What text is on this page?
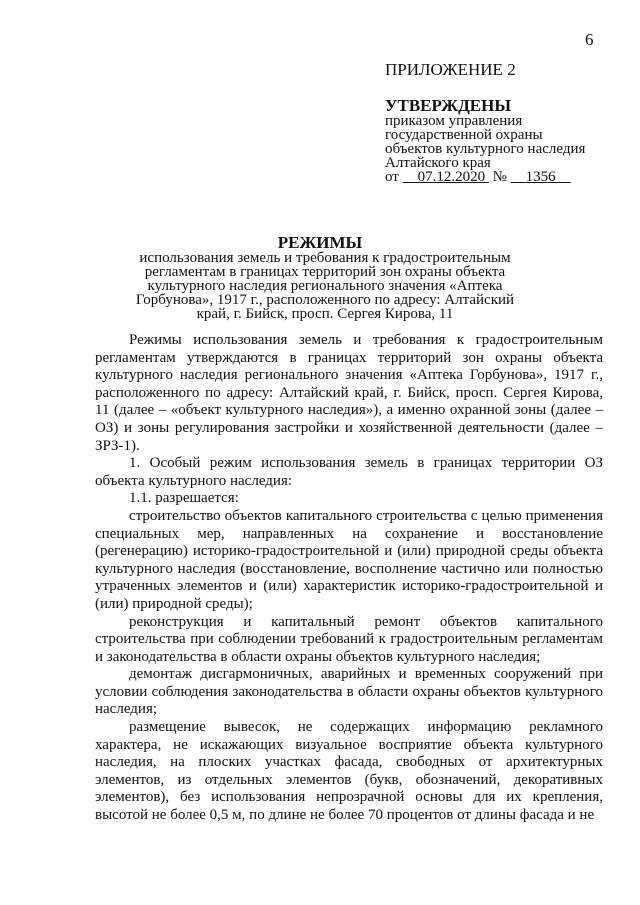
6
ПРИЛОЖЕНИЕ 2
УТВЕРЖДЕНЫ
приказом управления
государственной охраны
объектов культурного наследия
Алтайского края
от 07.12.2020 № 1356
РЕЖИМЫ
использования земель и требования к градостроительным регламентам в границах территорий зон охраны объекта культурного наследия регионального значения «Аптека Горбунова», 1917 г., расположенного по адресу: Алтайский край, г. Бийск, просп. Сергея Кирова, 11

Режимы использования земель и требования к градостроительным регламентам утверждаются в границах территорий зон охраны объекта культурного наследия регионального значения «Аптека Горбунова», 1917 г., расположенного по адресу: Алтайский край, г. Бийск, просп. Сергея Кирова, 11 (далее – «объект культурного наследия»), а именно охранной зоны (далее – ОЗ) и зоны регулирования застройки и хозяйственной деятельности (далее – ЗРЗ-1).

1. Особый режим использования земель в границах территории ОЗ объекта культурного наследия:

1.1. разрешается:

строительство объектов капитального строительства с целью применения специальных мер, направленных на сохранение и восстановление (регенерацию) историко-градостроительной и (или) природной среды объекта культурного наследия (восстановление, восполнение частично или полностью утраченных элементов и (или) характеристик историко-градостроительной и (или) природной среды);

реконструкция и капитальный ремонт объектов капитального строительства при соблюдении требований к градостроительным регламентам и законодательства в области охраны объектов культурного наследия;

демонтаж дисгармоничных, аварийных и временных сооружений при условии соблюдения законодательства в области охраны объектов культурного наследия;

размещение вывесок, не содержащих информацию рекламного характера, не искажающих визуальное восприятие объекта культурного наследия, на плоских участках фасада, свободных от архитектурных элементов, из отдельных элементов (букв, обозначений, декоративных элементов), без использования непрозрачной основы для их крепления, высотой не более 0,5 м, по длине не более 70 процентов от длины фасада и не
